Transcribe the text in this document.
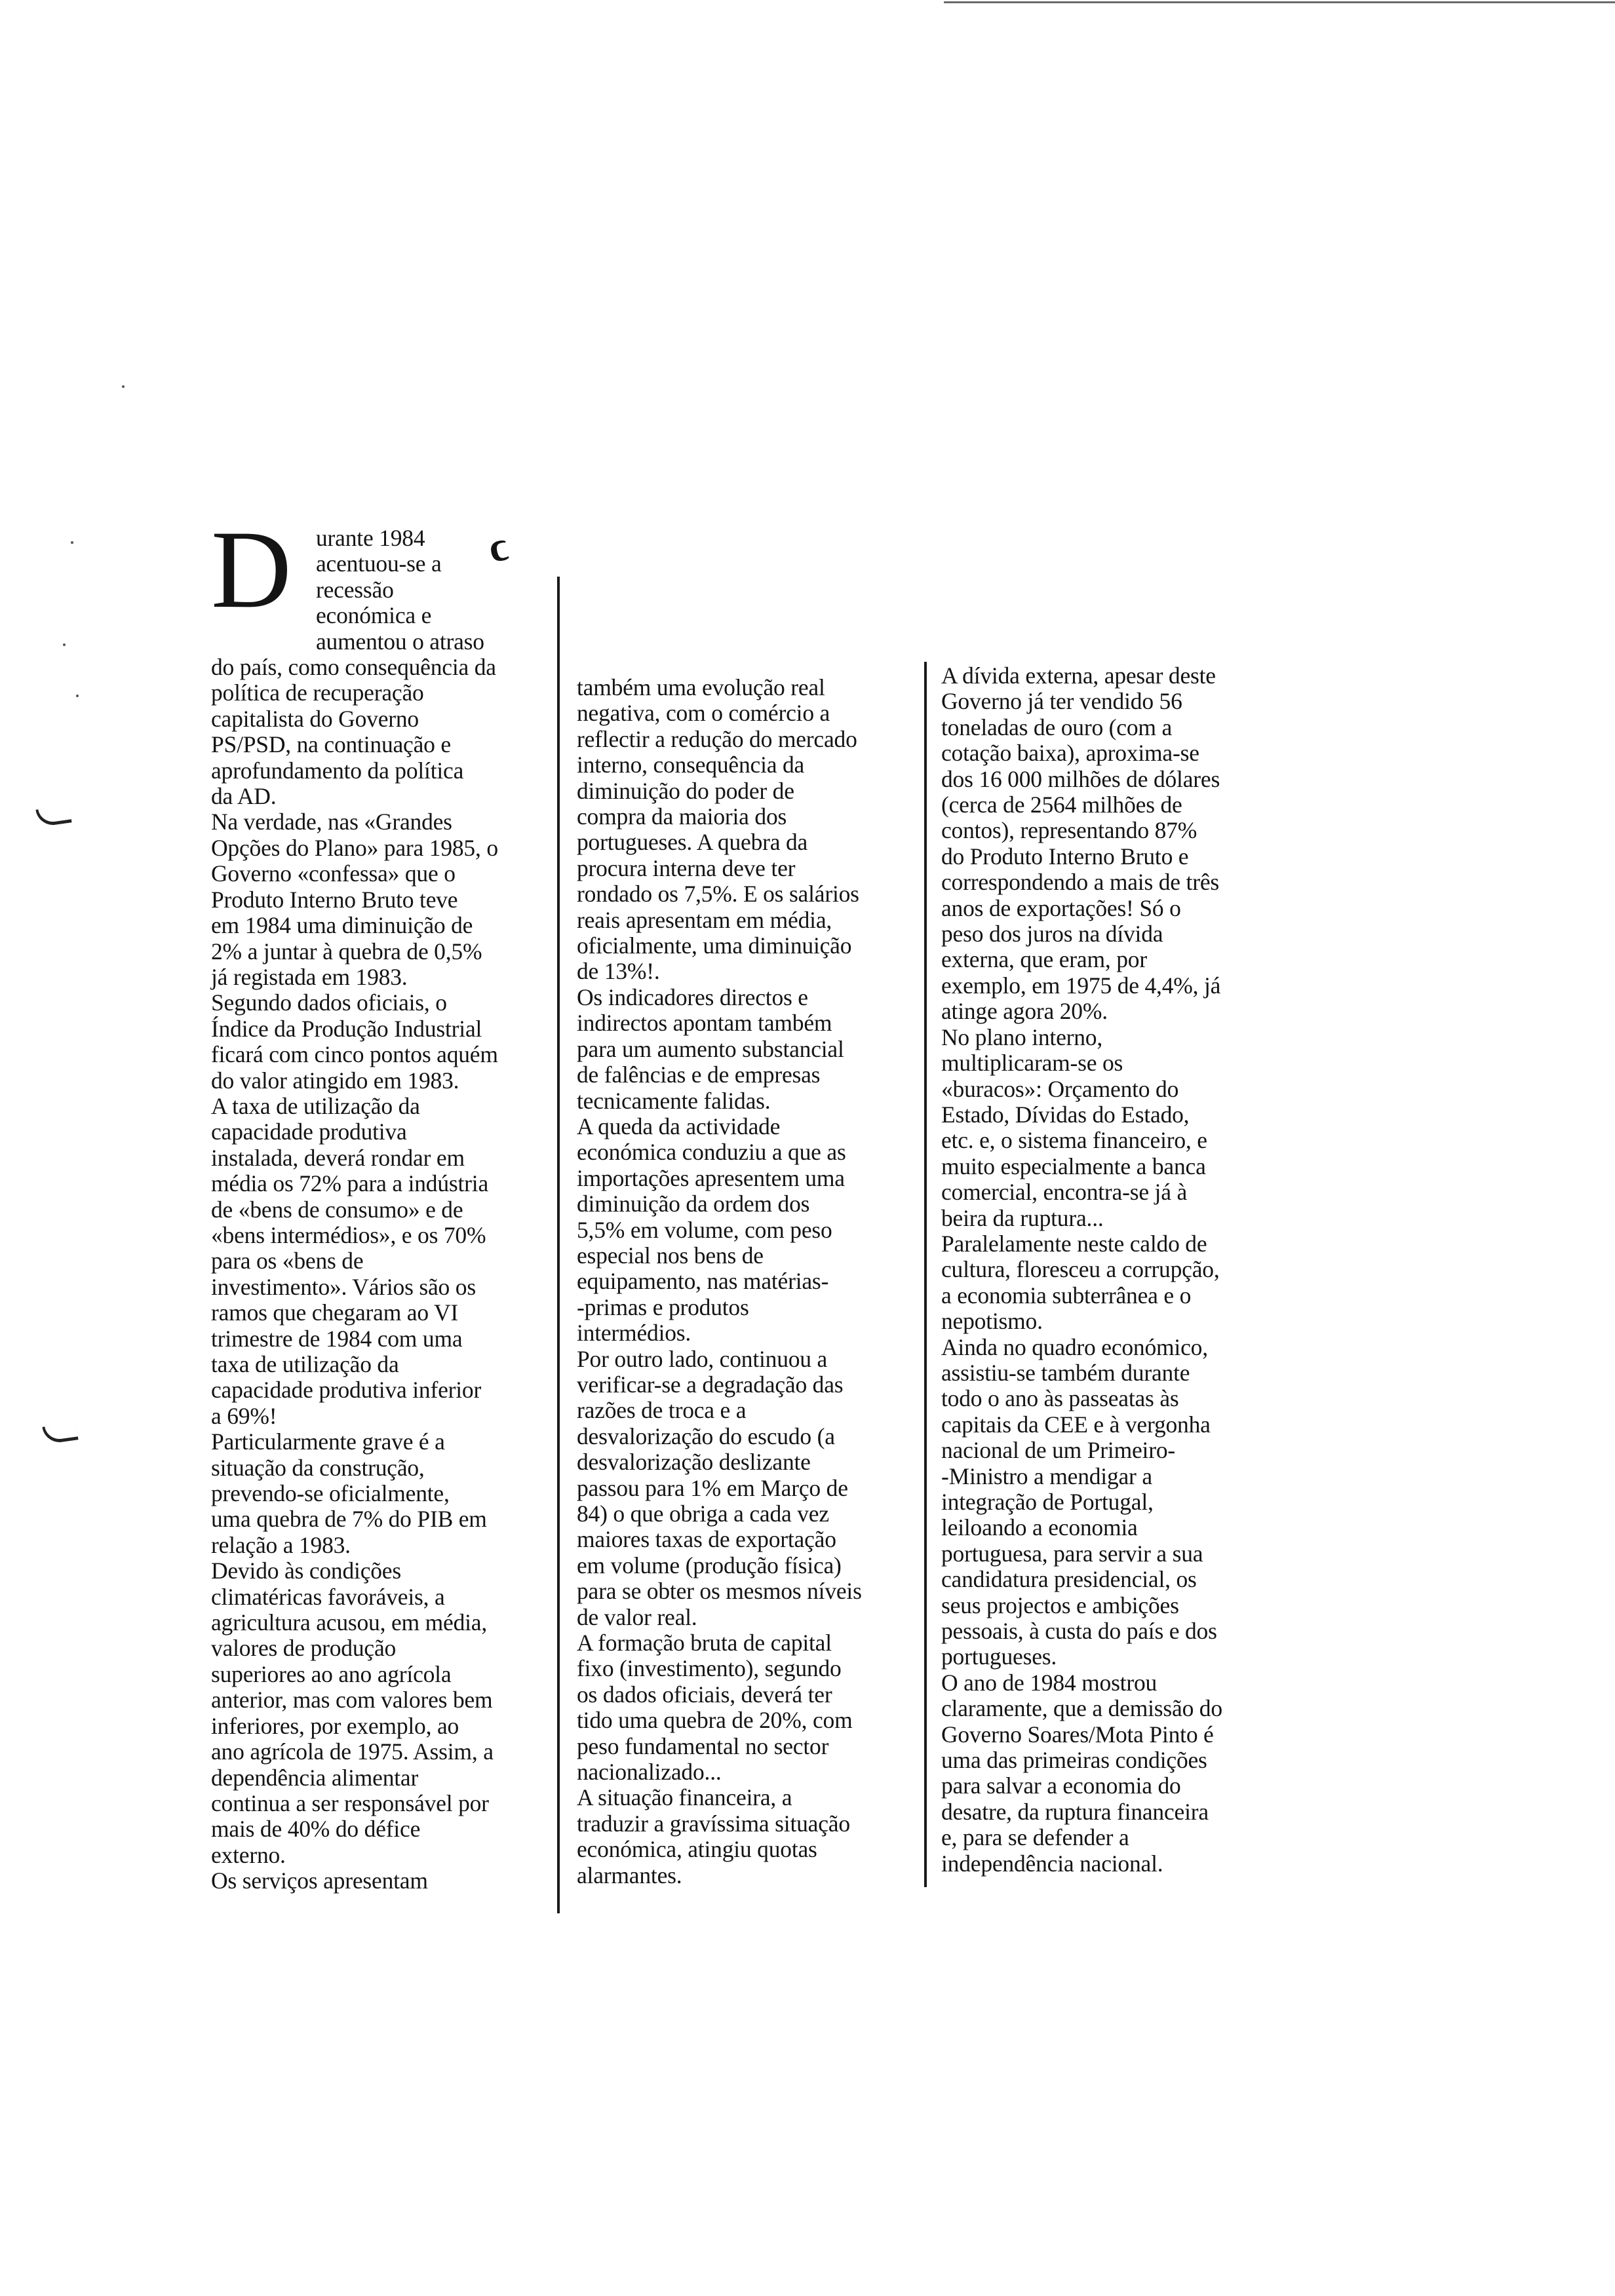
ϲ
D urante 1984
acentuou-se a
recessão
económica e
aumentou o atraso

do país, como consequência da
política de recuperação
capitalista do Governo
PS/PSD, na continuação e
aprofundamento da política
da AD.

Na verdade, nas «Grandes
Opções do Plano» para 1985, o
Governo «confessa» que o
Produto Interno Bruto teve
em 1984 uma diminuição de
2% a juntar à quebra de 0,5%
já registada em 1983.

Segundo dados oficiais, o
Índice da Produção Industrial
ficará com cinco pontos aquém
do valor atingido em 1983.

A taxa de utilização da
capacidade produtiva
instalada, deverá rondar em
média os 72% para a indústria
de «bens de consumo» e de
«bens intermédios», e os 70%
para os «bens de
investimento». Vários são os
ramos que chegaram ao VI
trimestre de 1984 com uma
taxa de utilização da
capacidade produtiva inferior
a 69%!

Particularmente grave é a
situação da construção,
prevendo-se oficialmente,
uma quebra de 7% do PIB em
relação a 1983.

Devido às condições
climatéricas favoráveis, a
agricultura acusou, em média,
valores de produção
superiores ao ano agrícola
anterior, mas com valores bem
inferiores, por exemplo, ao
ano agrícola de 1975. Assim, a
dependência alimentar
continua a ser responsável por
mais de 40% do défice
externo.

Os serviços apresentam

também uma evolução real
negativa, com o comércio a
reflectir a redução do mercado
interno, consequência da
diminuição do poder de
compra da maioria dos
portugueses. A quebra da
procura interna deve ter
rondado os 7,5%. E os salários
reais apresentam em média,
oficialmente, uma diminuição
de 13%!.

Os indicadores directos e
indirectos apontam também
para um aumento substancial
de falências e de empresas
tecnicamente falidas.

A queda da actividade
económica conduziu a que as
importações apresentem uma
diminuição da ordem dos
5,5% em volume, com peso
especial nos bens de
equipamento, nas matérias-
-primas e produtos
intermédios.

Por outro lado, continuou a
verificar-se a degradação das
razões de troca e a
desvalorização do escudo (a
desvalorização deslizante
passou para 1% em Março de
84) o que obriga a cada vez
maiores taxas de exportação
em volume (produção física)
para se obter os mesmos níveis
de valor real.

A formação bruta de capital
fixo (investimento), segundo
os dados oficiais, deverá ter
tido uma quebra de 20%, com
peso fundamental no sector
nacionalizado...

A situação financeira, a
traduzir a gravíssima situação
económica, atingiu quotas
alarmantes.

A dívida externa, apesar deste
Governo já ter vendido 56
toneladas de ouro (com a
cotação baixa), aproxima-se
dos 16 000 milhões de dólares
(cerca de 2564 milhões de
contos), representando 87%
do Produto Interno Bruto e
correspondendo a mais de três
anos de exportações! Só o
peso dos juros na dívida
externa, que eram, por
exemplo, em 1975 de 4,4%, já
atinge agora 20%.

No plano interno,
multiplicaram-se os
«buracos»: Orçamento do
Estado, Dívidas do Estado,
etc. e, o sistema financeiro, e
muito especialmente a banca
comercial, encontra-se já à
beira da ruptura...

Paralelamente neste caldo de
cultura, floresceu a corrupção,
a economia subterrânea e o
nepotismo.

Ainda no quadro económico,
assistiu-se também durante
todo o ano às passeatas às
capitais da CEE e à vergonha
nacional de um Primeiro-
-Ministro a mendigar a
integração de Portugal,
leiloando a economia
portuguesa, para servir a sua
candidatura presidencial, os
seus projectos e ambições
pessoais, à custa do país e dos
portugueses.

O ano de 1984 mostrou
claramente, que a demissão do
Governo Soares/Mota Pinto é
uma das primeiras condições
para salvar a economia do
desatre, da ruptura financeira
e, para se defender a
independência nacional.
